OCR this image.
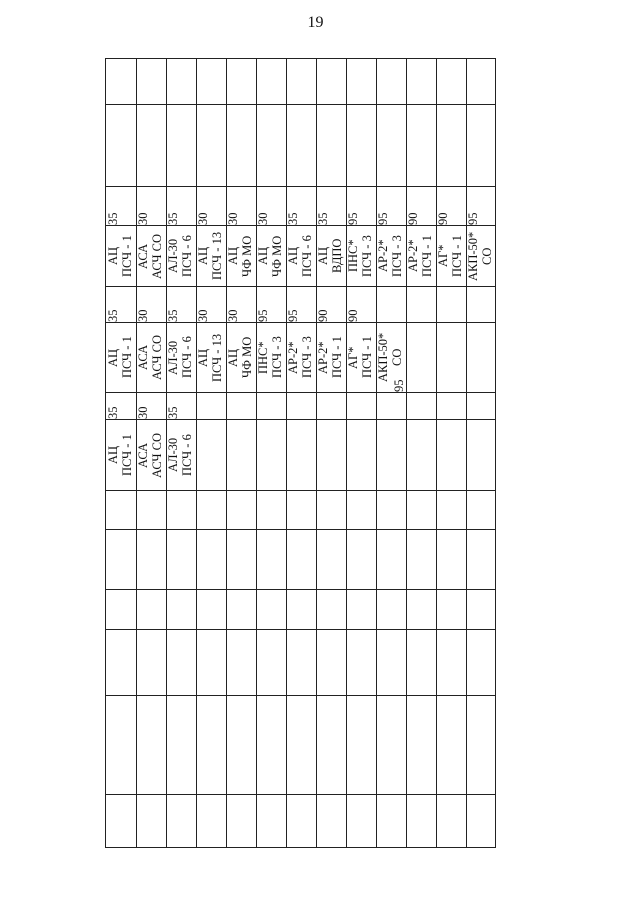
19
35
АЦ
ПСЧ - 1
30
АСА
АСЧ СО
35
АЛ-30
ПСЧ - 6
30
АЦ
ПСЧ - 13
30
АЦ
ЧФ МО
30
АЦ
ЧФ МО
35
АЦ
ПСЧ - 6
35
АЦ
ВДПО
95
ПНС*
ПСЧ - 3
95
АР-2*
ПСЧ - 3
90
АР-2*
ПСЧ - 1
90
АГ*
ПСЧ - 1
95
АКП-50*
СО
35
АЦ
ПСЧ - 1
30
АСА
АСЧ СО
35
АЛ-30
ПСЧ - 6
30
АЦ
ПСЧ - 13
30
АЦ
ЧФ МО
95
ПНС*
ПСЧ - 3
95
АР-2*
ПСЧ - 3
90
АР-2*
ПСЧ - 1
90
АГ*
ПСЧ - 1
95
АКП-50*
СО
35
АЦ
ПСЧ - 1
30
АСА
АСЧ СО
35
АЛ-30
ПСЧ - 6
